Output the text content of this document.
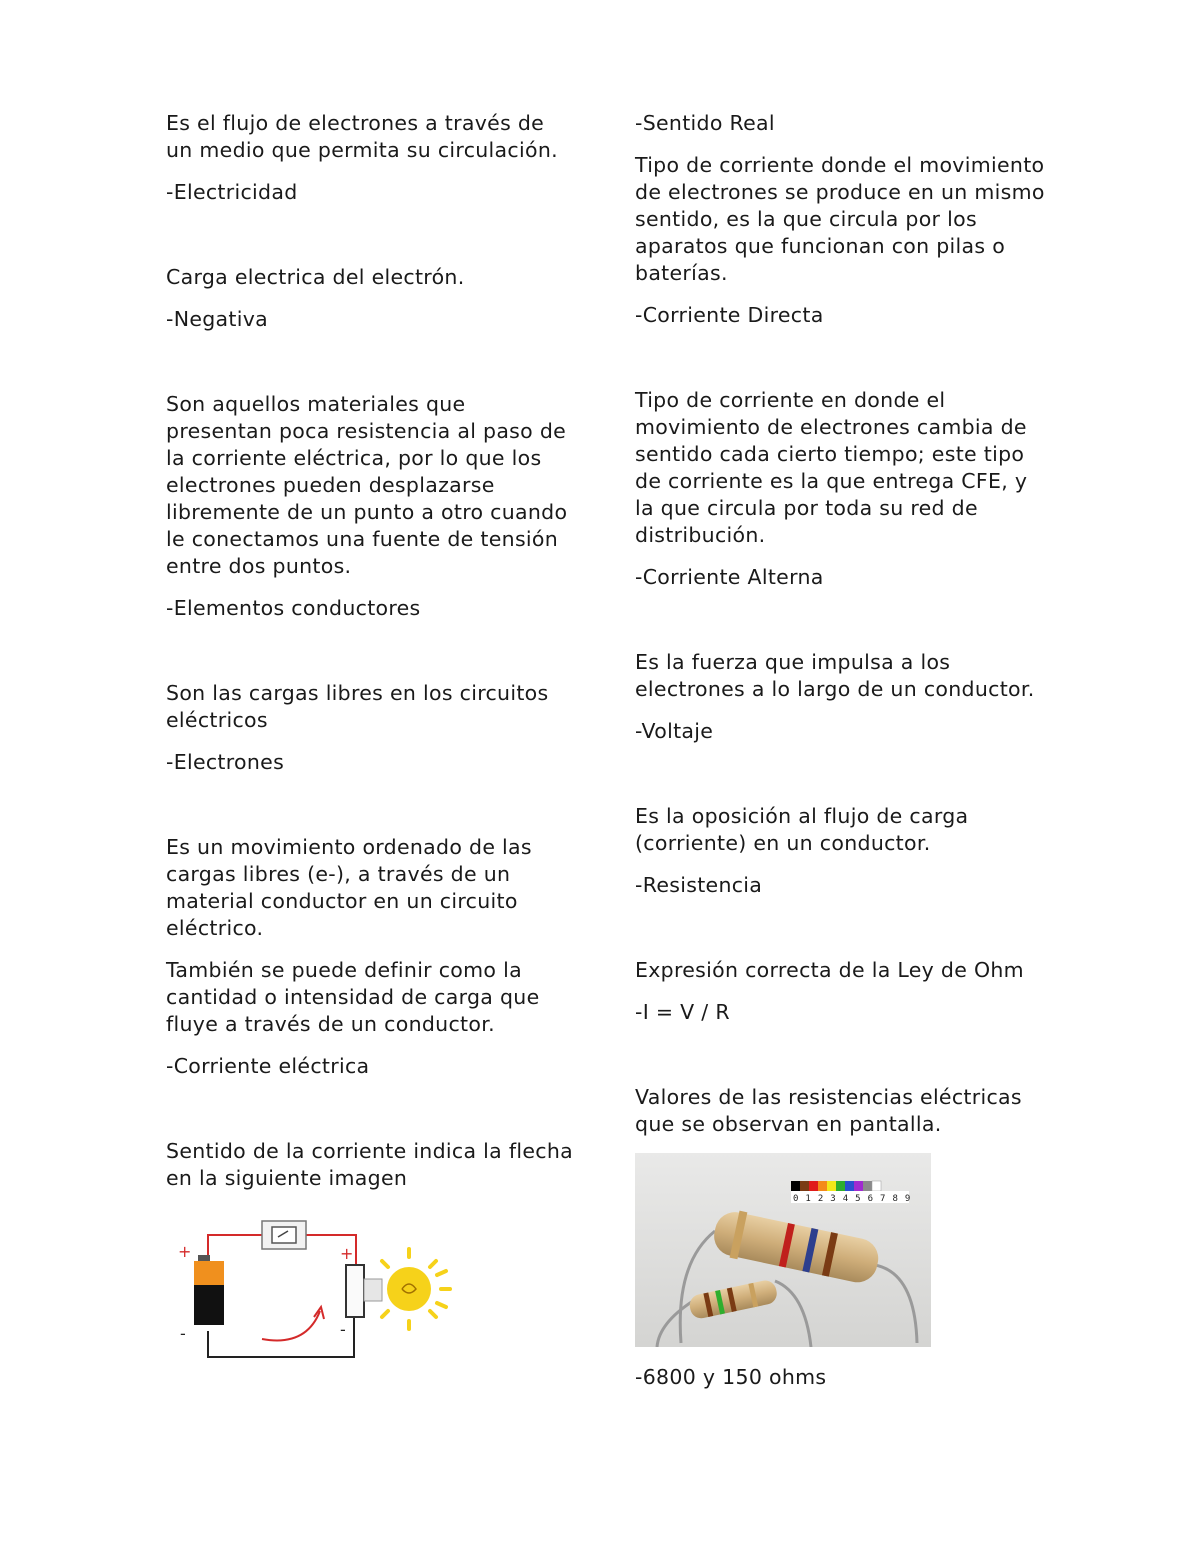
Es el flujo de electrones a través de un medio que permita su circulación.

-Electricidad

Carga electrica del electrón.

-Negativa

Son aquellos materiales que presentan poca resistencia al paso de la corriente eléctrica, por lo que los electrones pueden desplazarse libremente de un punto a otro cuando le conectamos una fuente de tensión entre dos puntos.

-Elementos conductores

Son las cargas libres en los circuitos eléctricos

-Electrones

Es un movimiento ordenado de las cargas libres (e-), a través de un material conductor en un circuito eléctrico.

También se puede definir como la cantidad o intensidad de carga que fluye a través de un conductor.

-Corriente eléctrica

Sentido de la corriente indica la flecha en la siguiente imagen

+
-
+
-

-Sentido Real

Tipo de corriente donde el movimiento de electrones se produce en un mismo sentido, es la que circula por los aparatos que funcionan con pilas o baterías.

-Corriente Directa

Tipo de corriente en donde el movimiento de electrones cambia de sentido cada cierto tiempo; este tipo de corriente es la que entrega CFE, y la que circula por toda su red de distribución.

-Corriente Alterna

Es la fuerza que impulsa a los electrones a lo largo de un conductor.

-Voltaje

Es la oposición al flujo de carga (corriente) en un conductor.

-Resistencia

Expresión correcta de la Ley de Ohm

-I = V / R

Valores de las resistencias eléctricas que se observan en pantalla.

0 1 2 3 4 5 6 7 8 9

-6800 y 150 ohms
